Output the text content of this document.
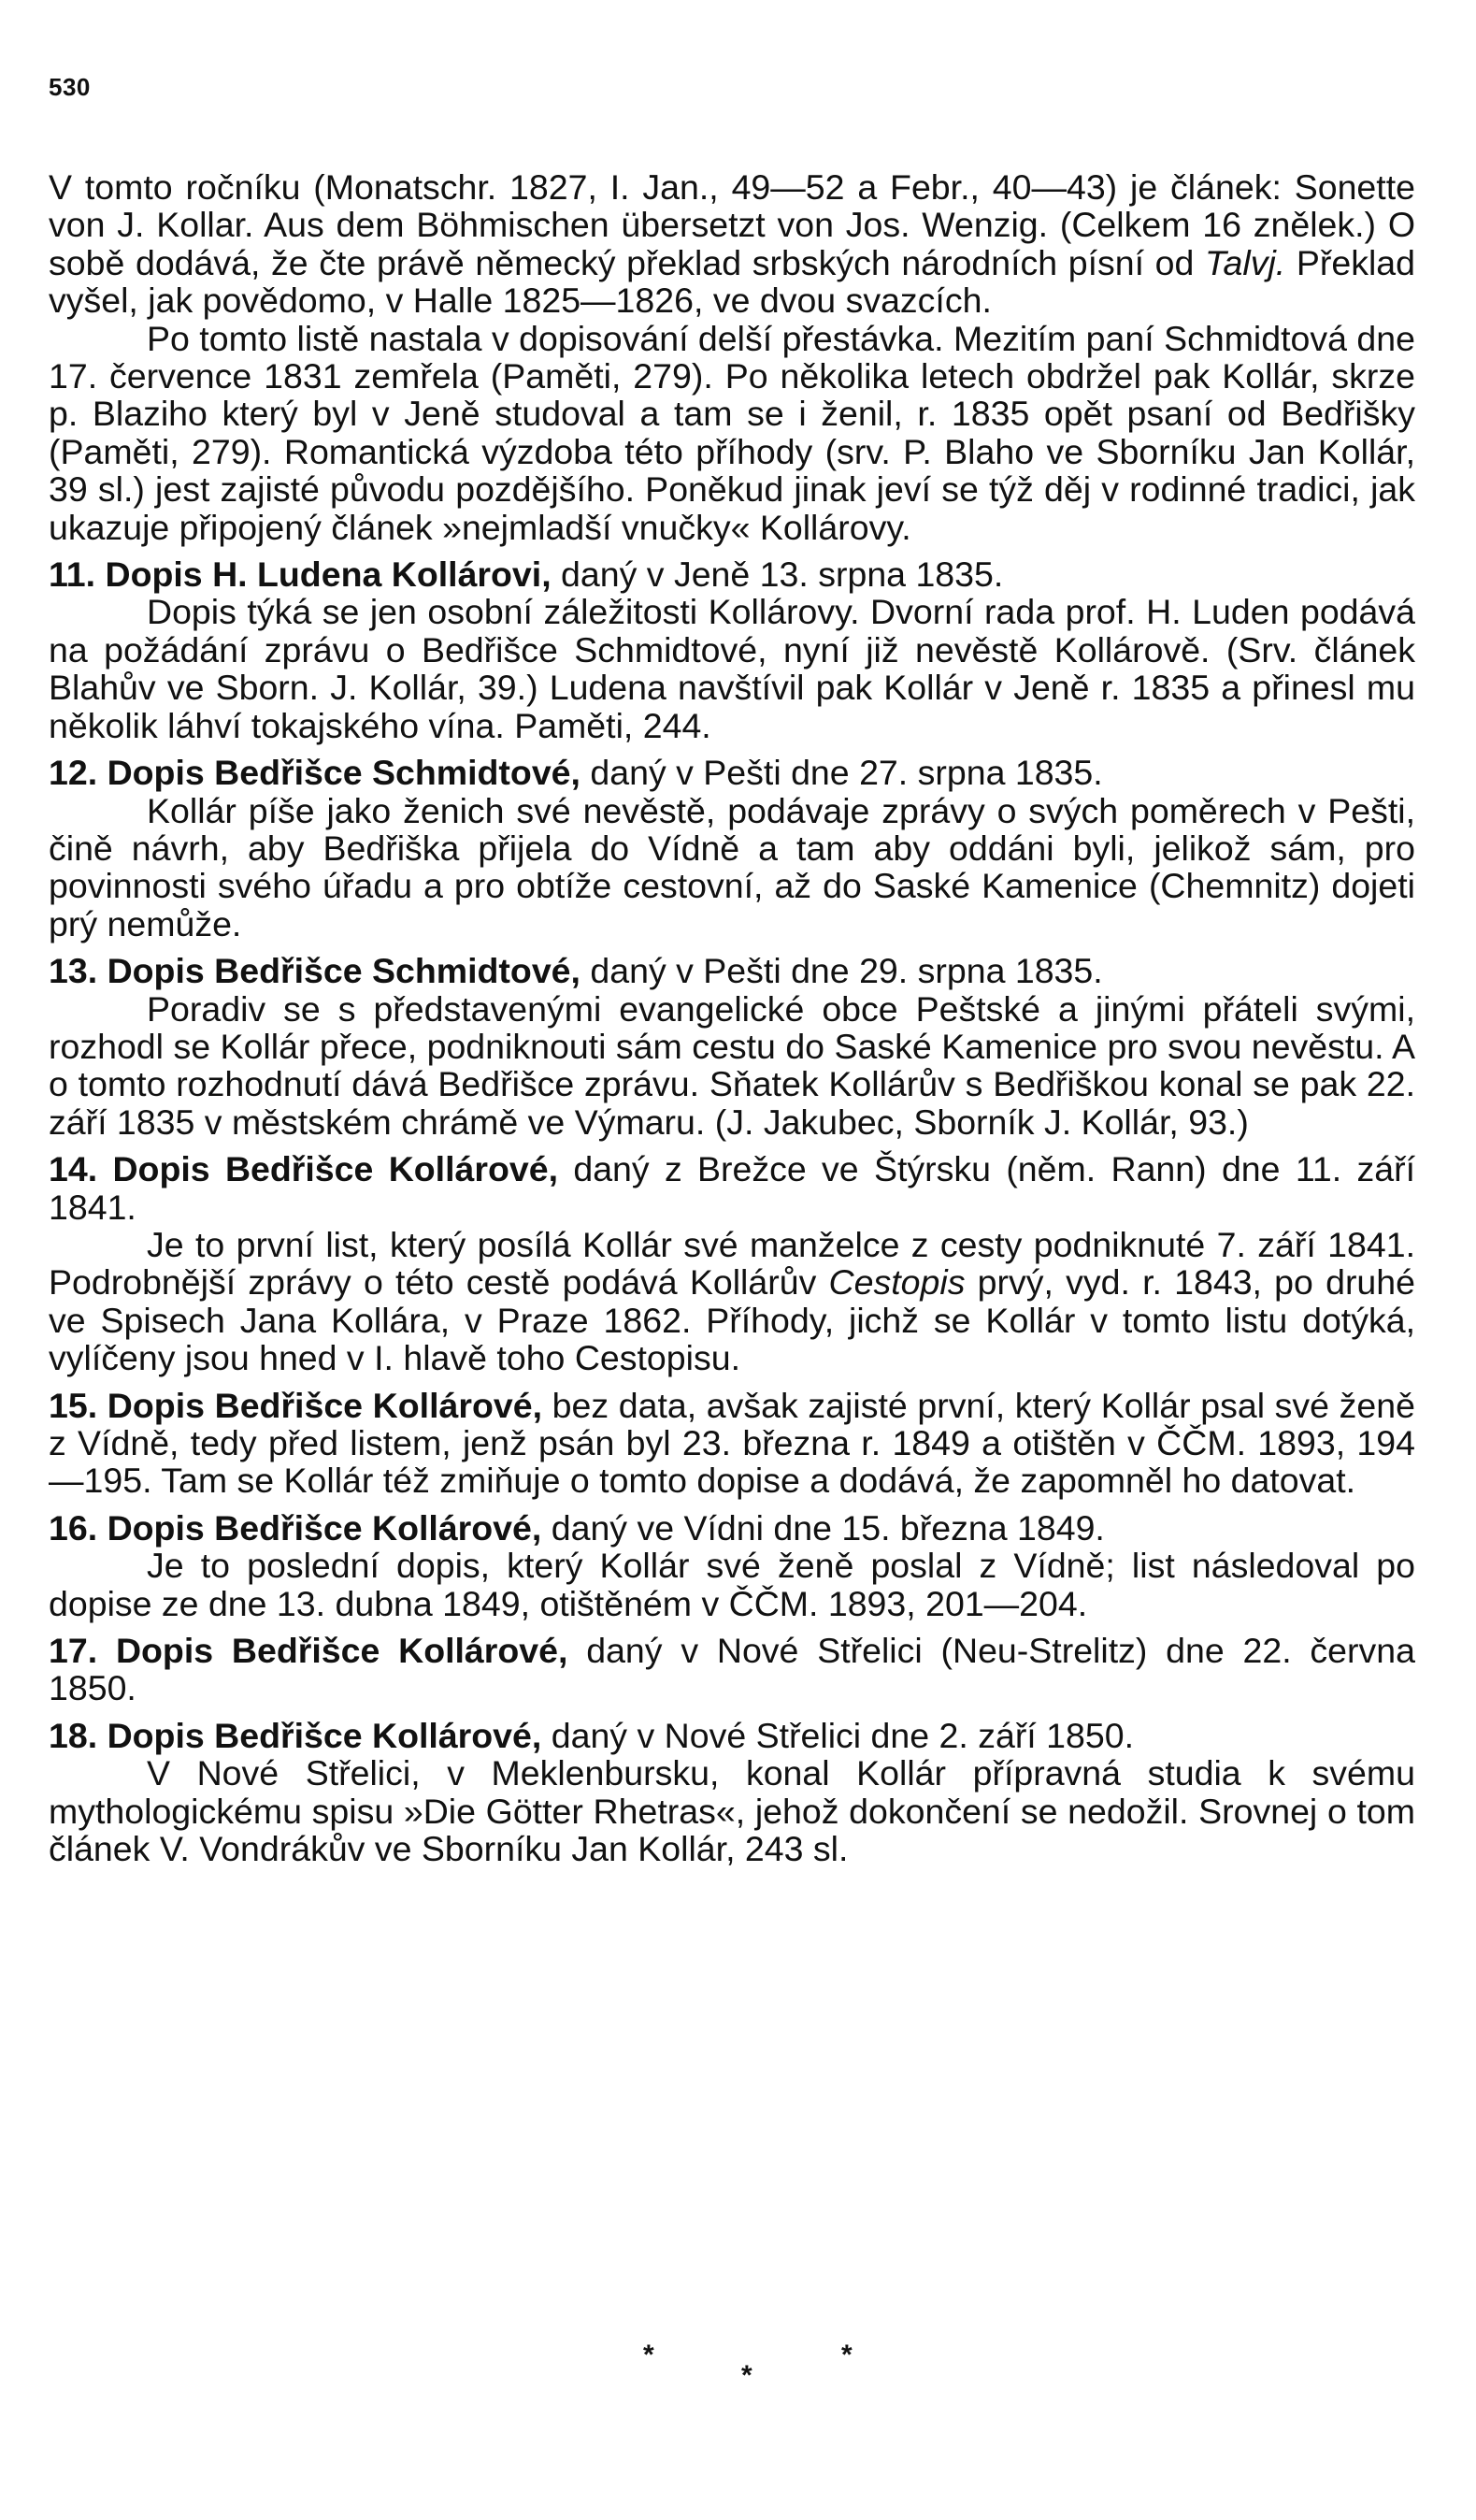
530

V tomto ročníku (Monatschr. 1827, I. Jan., 49—52 a Febr., 40—43) je článek: Sonette von J. Kollar. Aus dem Böhmischen übersetzt von Jos. Wenzig. (Celkem 16 znělek.) O sobě dodává, že čte právě německý překlad srbských národních písní od Talvj. Překlad vyšel, jak povědomo, v Halle 1825—1826, ve dvou svazcích.

Po tomto listě nastala v dopisování delší přestávka. Mezitím paní Schmidtová dne 17. července 1831 zemřela (Paměti, 279). Po několika letech obdržel pak Kollár, skrze p. Blaziho který byl v Jeně studoval a tam se i ženil, r. 1835 opět psaní od Bedřišky (Paměti, 279). Romantická výzdoba této příhody (srv. P. Blaho ve Sborníku Jan Kollár, 39 sl.) jest zajisté původu pozdějšího. Poněkud jinak jeví se týž děj v rodinné tradici, jak ukazuje připojený článek »nejmladší vnučky« Kollárovy.

11. Dopis H. Ludena Kollárovi, daný v Jeně 13. srpna 1835.

Dopis týká se jen osobní záležitosti Kollárovy. Dvorní rada prof. H. Luden podává na požádání zprávu o Bedřišce Schmidtové, nyní již nevěstě Kollárově. (Srv. článek Blahův ve Sborn. J. Kollár, 39.) Ludena navštívil pak Kollár v Jeně r. 1835 a přinesl mu několik láhví tokajského vína. Paměti, 244.

12. Dopis Bedřišce Schmidtové, daný v Pešti dne 27. srpna 1835.

Kollár píše jako ženich své nevěstě, podávaje zprávy o svých poměrech v Pešti, čině návrh, aby Bedřiška přijela do Vídně a tam aby oddáni byli, jelikož sám, pro povinnosti svého úřadu a pro obtíže cestovní, až do Saské Kamenice (Chemnitz) dojeti prý nemůže.

13. Dopis Bedřišce Schmidtové, daný v Pešti dne 29. srpna 1835.

Poradiv se s představenými evangelické obce Peštské a jinými přáteli svými, rozhodl se Kollár přece, podniknouti sám cestu do Saské Kamenice pro svou nevěstu. A o tomto rozhodnutí dává Bedřišce zprávu. Sňatek Kollárův s Bedřiškou konal se pak 22. září 1835 v městském chrámě ve Výmaru. (J. Jakubec, Sborník J. Kollár, 93.)

14. Dopis Bedřišce Kollárové, daný z Brežce ve Štýrsku (něm. Rann) dne 11. září 1841.

Je to první list, který posílá Kollár své manželce z cesty podniknuté 7. září 1841. Podrobnější zprávy o této cestě podává Kollárův Cestopis prvý, vyd. r. 1843, po druhé ve Spisech Jana Kollára, v Praze 1862. Příhody, jichž se Kollár v tomto listu dotýká, vylíčeny jsou hned v I. hlavě toho Cestopisu.

15. Dopis Bedřišce Kollárové, bez data, avšak zajisté první, který Kollár psal své ženě z Vídně, tedy před listem, jenž psán byl 23. března r. 1849 a otištěn v ČČM. 1893, 194—195. Tam se Kollár též zmiňuje o tomto dopise a dodává, že zapomněl ho datovat.

16. Dopis Bedřišce Kollárové, daný ve Vídni dne 15. března 1849.

Je to poslední dopis, který Kollár své ženě poslal z Vídně; list následoval po dopise ze dne 13. dubna 1849, otištěném v ČČM. 1893, 201—204.

17. Dopis Bedřišce Kollárové, daný v Nové Střelici (Neu-Strelitz) dne 22. června 1850.

18. Dopis Bedřišce Kollárové, daný v Nové Střelici dne 2. září 1850.

V Nové Střelici, v Meklenbursku, konal Kollár přípravná studia k svému mythologickému spisu »Die Götter Rhetras«, jehož dokončení se nedožil. Srovnej o tom článek V. Vondrákův ve Sborníku Jan Kollár, 243 sl.

*
*
*
